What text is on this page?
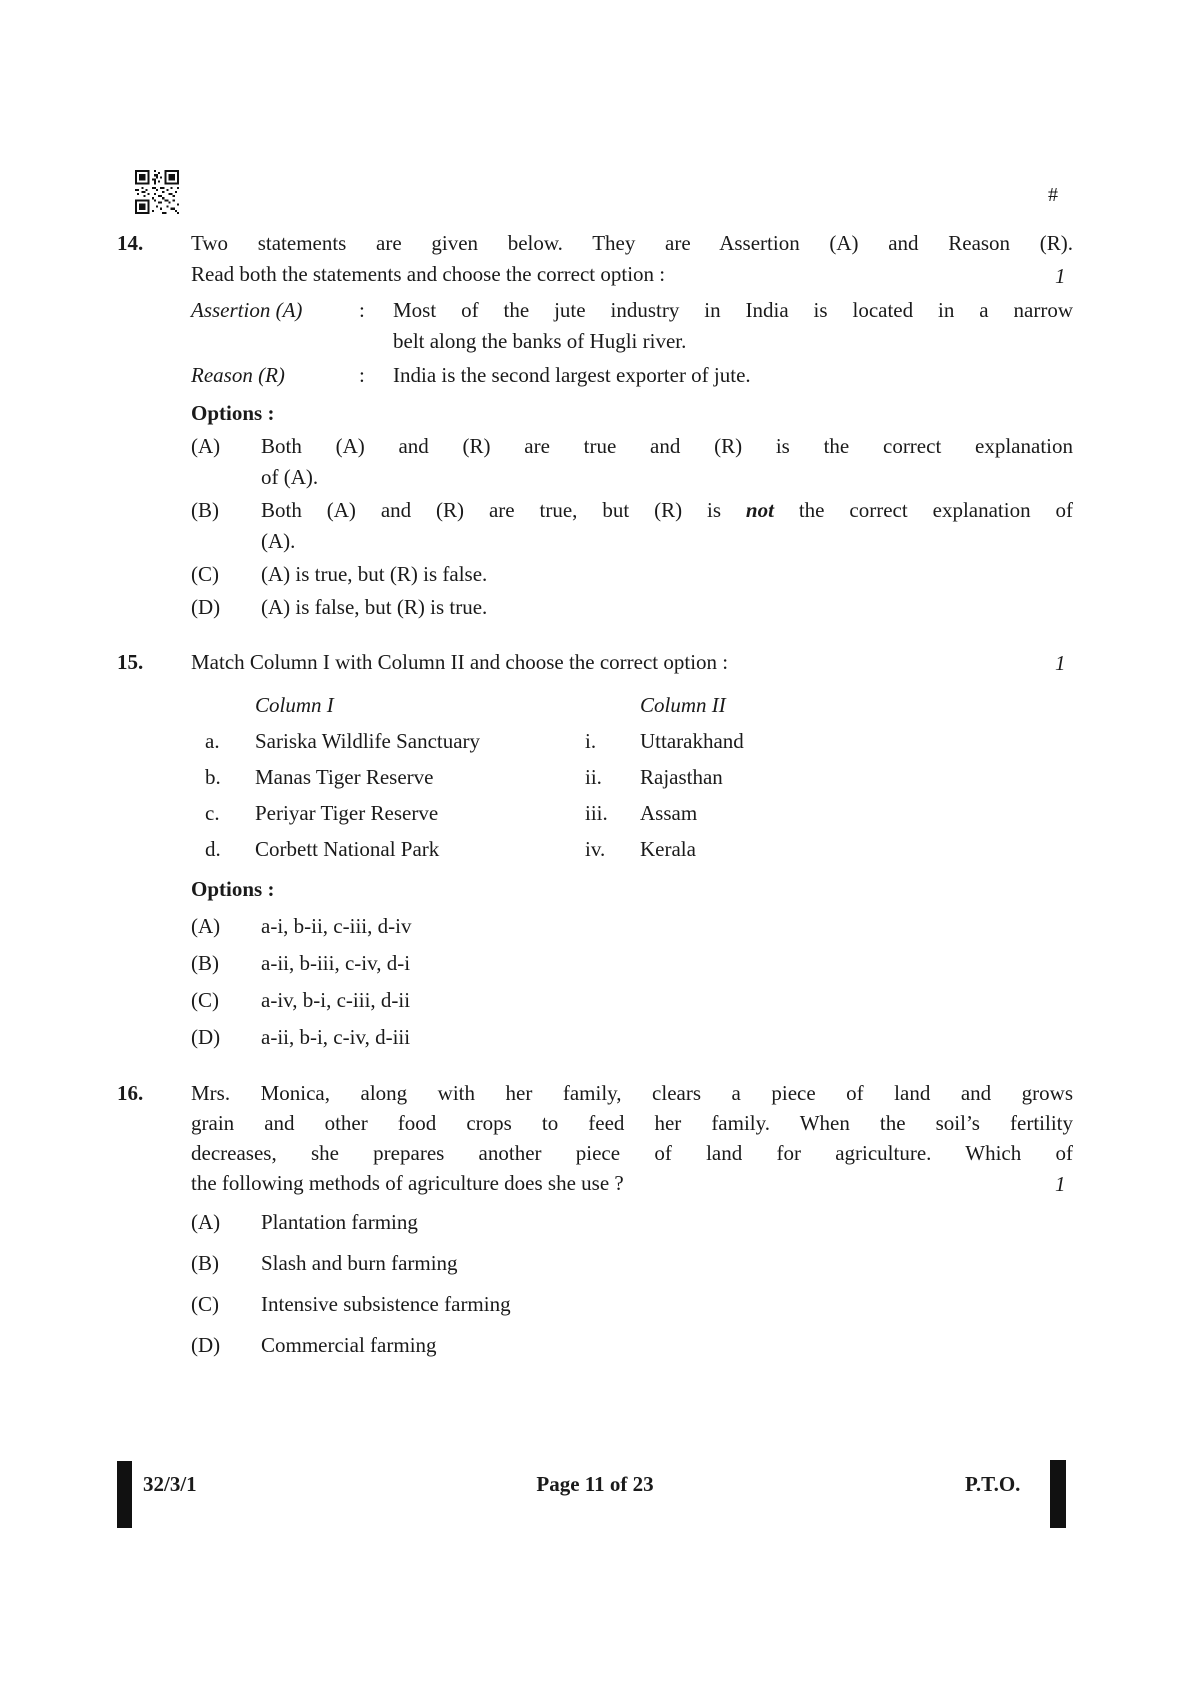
#
14.
1
Two statements are given below. They are Assertion (A) and Reason (R).
Read both the statements and choose the correct option :
Assertion (A)	:	Most of the jute industry in India is located in a narrow
belt along the banks of Hugli river.
Reason (R)	:	India is the second largest exporter of jute.
Options :
(A)	Both (A) and (R) are true and (R) is the correct explanation
of (A).
(B)	Both (A) and (R) are true, but (R) is not the correct explanation of
(A).
(C)	(A) is true, but (R) is false.
(D)	(A) is false, but (R) is true.
15.	1
Match Column I with Column II and choose the correct option :
Column I	Column II
a.	Sariska Wildlife Sanctuary	i.	Uttarakhand
b.	Manas Tiger Reserve	ii.	Rajasthan
c.	Periyar Tiger Reserve	iii.	Assam
d.	Corbett National Park	iv.	Kerala
Options :
(A)	a-i, b-ii, c-iii, d-iv
(B)	a-ii, b-iii, c-iv, d-i
(C)	a-iv, b-i, c-iii, d-ii
(D)	a-ii, b-i, c-iv, d-iii
16.
1
Mrs. Monica, along with her family, clears a piece of land and grows
grain and other food crops to feed her family. When the soil’s fertility
decreases, she prepares another piece of land for agriculture. Which of
the following methods of agriculture does she use ?
(A)	Plantation farming
(B)	Slash and burn farming
(C)	Intensive subsistence farming
(D)	Commercial farming
32/3/1	Page 11 of 23	P.T.O.
